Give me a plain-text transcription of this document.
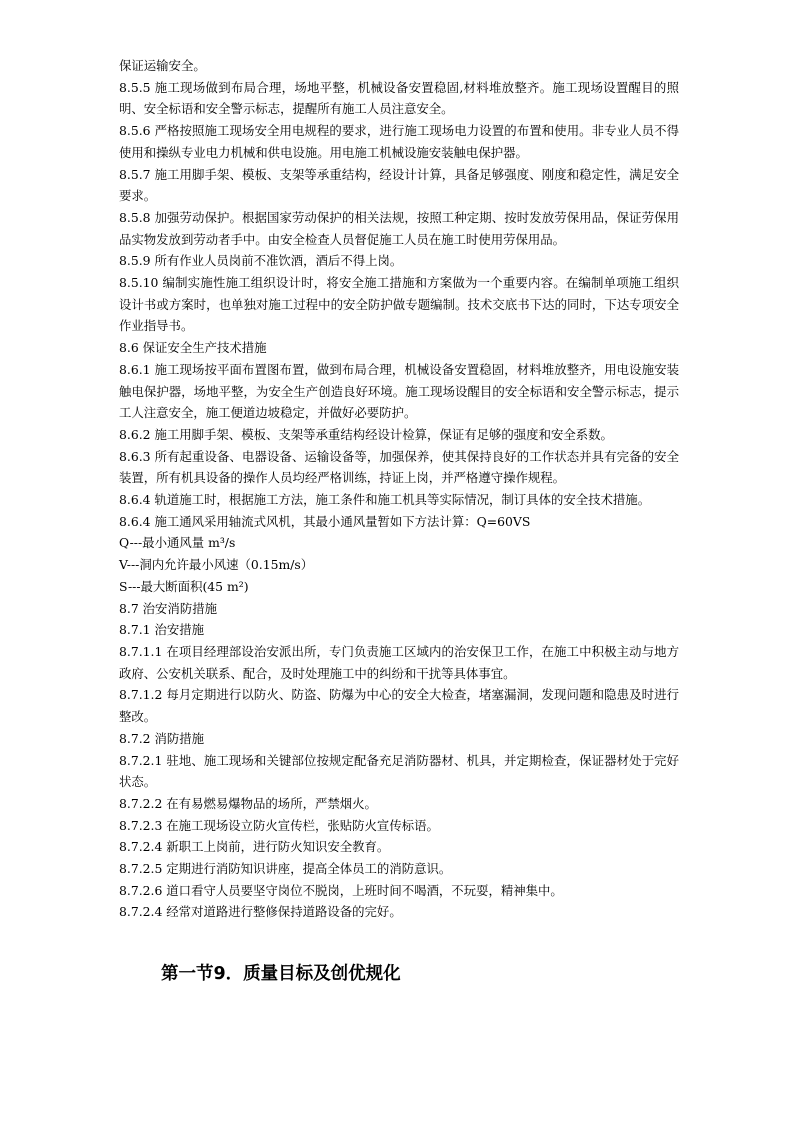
保证运输安全。

8.5.5 施工现场做到布局合理，场地平整，机械设备安置稳固,材料堆放整齐。施工现场设置醒目的照明、安全标语和安全警示标志，提醒所有施工人员注意安全。

8.5.6 严格按照施工现场安全用电规程的要求，进行施工现场电力设置的布置和使用。非专业人员不得使用和操纵专业电力机械和供电设施。用电施工机械设施安装触电保护器。

8.5.7 施工用脚手架、模板、支架等承重结构，经设计计算，具备足够强度、刚度和稳定性，满足安全要求。

8.5.8 加强劳动保护。根据国家劳动保护的相关法规，按照工种定期、按时发放劳保用品，保证劳保用品实物发放到劳动者手中。由安全检查人员督促施工人员在施工时使用劳保用品。

8.5.9 所有作业人员岗前不准饮酒，酒后不得上岗。

8.5.10 编制实施性施工组织设计时，将安全施工措施和方案做为一个重要内容。在编制单项施工组织设计书或方案时，也单独对施工过程中的安全防护做专题编制。技术交底书下达的同时，下达专项安全作业指导书。

8.6 保证安全生产技术措施

8.6.1 施工现场按平面布置图布置，做到布局合理，机械设备安置稳固，材料堆放整齐，用电设施安装触电保护器，场地平整，为安全生产创造良好环境。施工现场设醒目的安全标语和安全警示标志，提示工人注意安全，施工便道边坡稳定，并做好必要防护。

8.6.2 施工用脚手架、模板、支架等承重结构经设计检算，保证有足够的强度和安全系数。

8.6.3 所有起重设备、电器设备、运输设备等，加强保养，使其保持良好的工作状态并具有完备的安全装置，所有机具设备的操作人员均经严格训练，持证上岗，并严格遵守操作规程。

8.6.4 轨道施工时，根据施工方法，施工条件和施工机具等实际情况，制订具体的安全技术措施。

8.6.4 施工通风采用轴流式风机，其最小通风量暂如下方法计算：Q=60VS

Q---最小通风量 m³/s

V---洞内允许最小风速（0.15m/s）

S---最大断面积(45 m²)

8.7 治安消防措施

8.7.1 治安措施

8.7.1.1 在项目经理部设治安派出所，专门负责施工区域内的治安保卫工作，在施工中积极主动与地方政府、公安机关联系、配合，及时处理施工中的纠纷和干扰等具体事宜。

8.7.1.2 每月定期进行以防火、防盗、防爆为中心的安全大检查，堵塞漏洞，发现问题和隐患及时进行整改。

8.7.2 消防措施

8.7.2.1 驻地、施工现场和关键部位按规定配备充足消防器材、机具，并定期检查，保证器材处于完好状态。

8.7.2.2 在有易燃易爆物品的场所，严禁烟火。

8.7.2.3 在施工现场设立防火宣传栏，张贴防火宣传标语。

8.7.2.4 新职工上岗前，进行防火知识安全教育。

8.7.2.5 定期进行消防知识讲座，提高全体员工的消防意识。

8.7.2.6 道口看守人员要坚守岗位不脱岗，上班时间不喝酒，不玩耍，精神集中。

8.7.2.4 经常对道路进行整修保持道路设备的完好。

第一节9．质量目标及创优规化
